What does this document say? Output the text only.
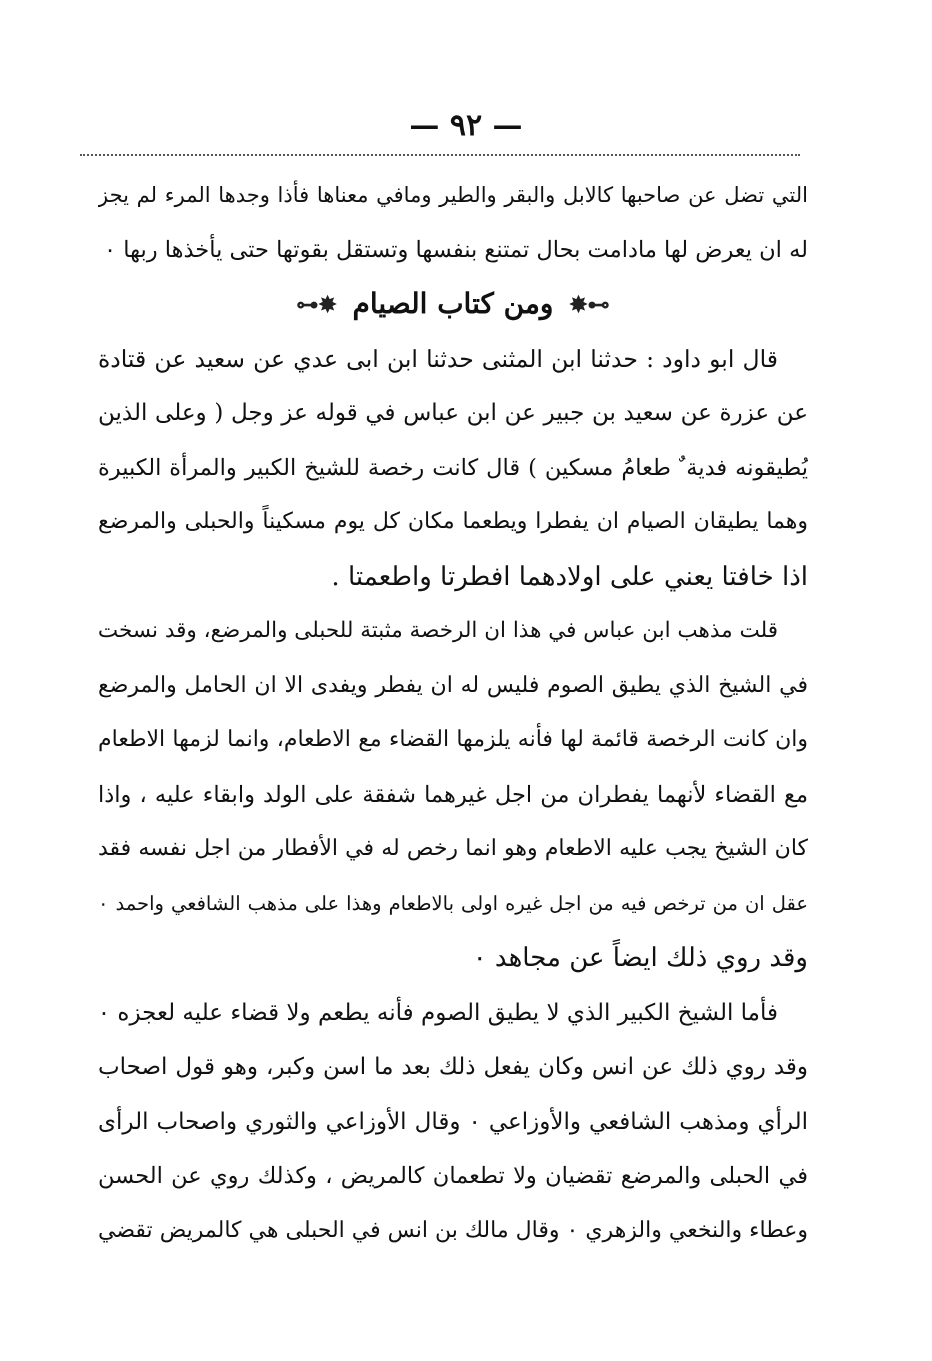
— ٩٢ —
التي تضل عن صاحبها كالابل والبقر والطير ومافي معناها فأذا وجدها المرء لم يجز
له ان يعرض لها مادامت بحال تمتنع بنفسها وتستقل بقوتها حتى يأخذها ربها ٠
⊶✸ ومن كتاب الصيام ✸⊷
قال ابو داود : حدثنا ابن المثنى حدثنا ابن ابى عدي عن سعيد عن قتادة
عن عزرة عن سعيد بن جبير عن ابن عباس في قوله عز وجل ( وعلى الذين
يُطيقونه فدية ٌ طعامُ مسكين ) قال كانت رخصة للشيخ الكبير والمرأة الكبيرة
وهما يطيقان الصيام ان يفطرا ويطعما مكان كل يوم مسكيناً والحبلى والمرضع
اذا خافتا يعني على اولادهما افطرتا واطعمتا .
قلت مذهب ابن عباس في هذا ان الرخصة مثبتة للحبلى والمرضع، وقد نسخت
في الشيخ الذي يطيق الصوم فليس له ان يفطر ويفدى الا ان الحامل والمرضع
وان كانت الرخصة قائمة لها فأنه يلزمها القضاء مع الاطعام، وانما لزمها الاطعام
مع القضاء لأنهما يفطران من اجل غيرهما شفقة على الولد وابقاء عليه ، واذا
كان الشيخ يجب عليه الاطعام وهو انما رخص له في الأفطار من اجل نفسه فقد
عقل ان من ترخص فيه من اجل غيره اولى بالاطعام وهذا على مذهب الشافعي واحمد ٠
وقد روي ذلك ايضاً عن مجاهد ٠
فأما الشيخ الكبير الذي لا يطيق الصوم فأنه يطعم ولا قضاء عليه لعجزه ٠
وقد روي ذلك عن انس وكان يفعل ذلك بعد ما اسن وكبر، وهو قول اصحاب
الرأي ومذهب الشافعي والأوزاعي ٠ وقال الأوزاعي والثوري واصحاب الرأى
في الحبلى والمرضع تقضيان ولا تطعمان كالمريض ، وكذلك روي عن الحسن
وعطاء والنخعي والزهري ٠ وقال مالك بن انس في الحبلى هي كالمريض تقضي
